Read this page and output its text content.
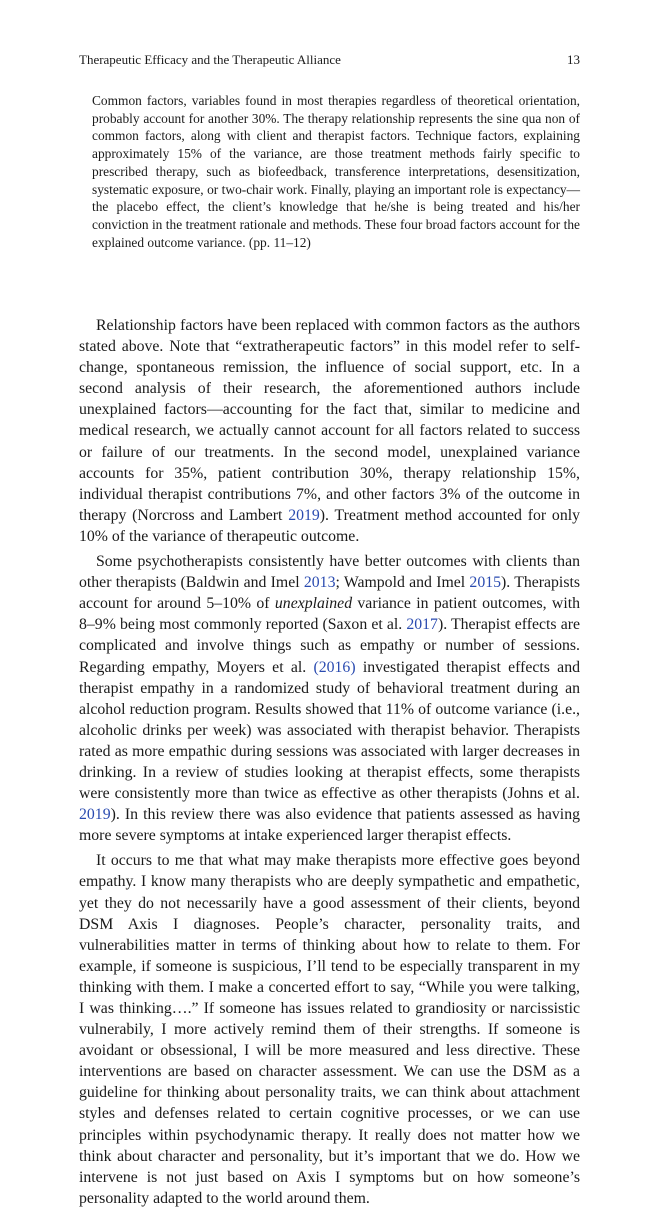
Therapeutic Efficacy and the Therapeutic Alliance	13

Common factors, variables found in most therapies regardless of theoretical orientation, probably account for another 30%. The therapy relationship represents the sine qua non of common factors, along with client and therapist factors. Technique factors, explaining approximately 15% of the variance, are those treatment methods fairly specific to prescribed therapy, such as biofeedback, transference interpretations, desensitization, systematic exposure, or two-chair work. Finally, playing an important role is expectancy—the placebo effect, the client’s knowledge that he/she is being treated and his/her conviction in the treatment rationale and methods. These four broad factors account for the explained outcome variance. (pp. 11–12)

Relationship factors have been replaced with common factors as the authors stated above. Note that “extratherapeutic factors” in this model refer to self-change, spontaneous remission, the influence of social support, etc. In a second analysis of their research, the aforementioned authors include unexplained factors—accounting for the fact that, similar to medicine and medical research, we actually cannot account for all factors related to success or failure of our treatments. In the second model, unexplained variance accounts for 35%, patient contribution 30%, therapy relationship 15%, individual therapist contributions 7%, and other factors 3% of the outcome in therapy (Norcross and Lambert 2019). Treatment method accounted for only 10% of the variance of therapeutic outcome.

Some psychotherapists consistently have better outcomes with clients than other therapists (Baldwin and Imel 2013; Wampold and Imel 2015). Therapists account for around 5–10% of unexplained variance in patient outcomes, with 8–9% being most commonly reported (Saxon et al. 2017). Therapist effects are complicated and involve things such as empathy or number of sessions. Regarding empathy, Moyers et al. (2016) investigated therapist effects and therapist empathy in a randomized study of behavioral treatment during an alcohol reduction program. Results showed that 11% of outcome variance (i.e., alcoholic drinks per week) was associated with therapist behavior. Therapists rated as more empathic during sessions was associated with larger decreases in drinking. In a review of studies looking at therapist effects, some therapists were consistently more than twice as effective as other therapists (Johns et al. 2019). In this review there was also evidence that patients assessed as having more severe symptoms at intake experienced larger therapist effects.

It occurs to me that what may make therapists more effective goes beyond empathy. I know many therapists who are deeply sympathetic and empathetic, yet they do not necessarily have a good assessment of their clients, beyond DSM Axis I diagnoses. People’s character, personality traits, and vulnerabilities matter in terms of thinking about how to relate to them. For example, if someone is suspicious, I’ll tend to be especially transparent in my thinking with them. I make a concerted effort to say, “While you were talking, I was thinking….” If someone has issues related to grandiosity or narcissistic vulnerabily, I more actively remind them of their strengths. If someone is avoidant or obsessional, I will be more measured and less directive. These interventions are based on character assessment. We can use the DSM as a guideline for thinking about personality traits, we can think about attachment styles and defenses related to certain cognitive processes, or we can use principles within psychodynamic therapy. It really does not matter how we think about character and personality, but it’s important that we do. How we intervene is not just based on Axis I symptoms but on how someone’s personality adapted to the world around them.
